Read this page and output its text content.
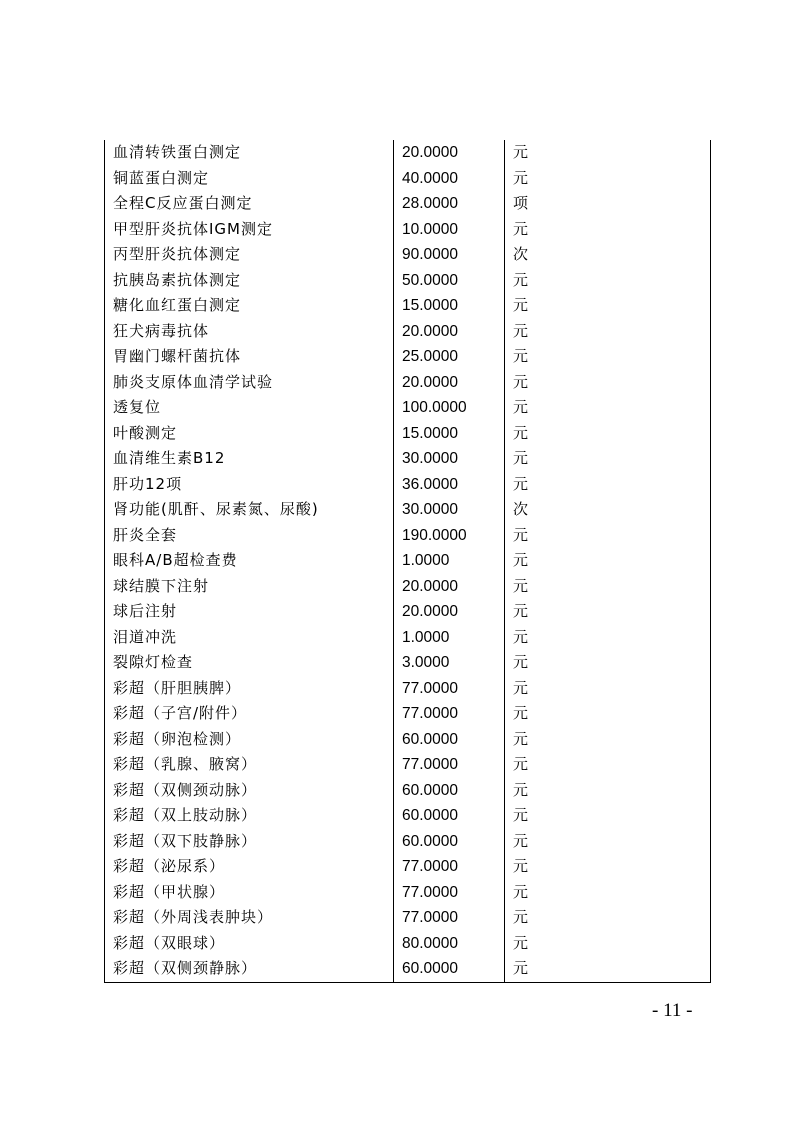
血清转铁蛋白测定	20.0000	元
铜蓝蛋白测定	40.0000	元
全程C反应蛋白测定	28.0000	项
甲型肝炎抗体IGM测定	10.0000	元
丙型肝炎抗体测定	90.0000	次
抗胰岛素抗体测定	50.0000	元
糖化血红蛋白测定	15.0000	元
狂犬病毒抗体	20.0000	元
胃幽门螺杆菌抗体	25.0000	元
肺炎支原体血清学试验	20.0000	元
透复位	100.0000	元
叶酸测定	15.0000	元
血清维生素B12	30.0000	元
肝功12项	36.0000	元
肾功能(肌酐、尿素氮、尿酸)	30.0000	次
肝炎全套	190.0000	元
眼科A/B超检查费	1.0000	元
球结膜下注射	20.0000	元
球后注射	20.0000	元
泪道冲洗	1.0000	元
裂隙灯检查	3.0000	元
彩超（肝胆胰脾）	77.0000	元
彩超（子宫/附件）	77.0000	元
彩超（卵泡检测）	60.0000	元
彩超（乳腺、腋窝）	77.0000	元
彩超（双侧颈动脉）	60.0000	元
彩超（双上肢动脉）	60.0000	元
彩超（双下肢静脉）	60.0000	元
彩超（泌尿系）	77.0000	元
彩超（甲状腺）	77.0000	元
彩超（外周浅表肿块）	77.0000	元
彩超（双眼球）	80.0000	元
彩超（双侧颈静脉）	60.0000	元
- 11 -
